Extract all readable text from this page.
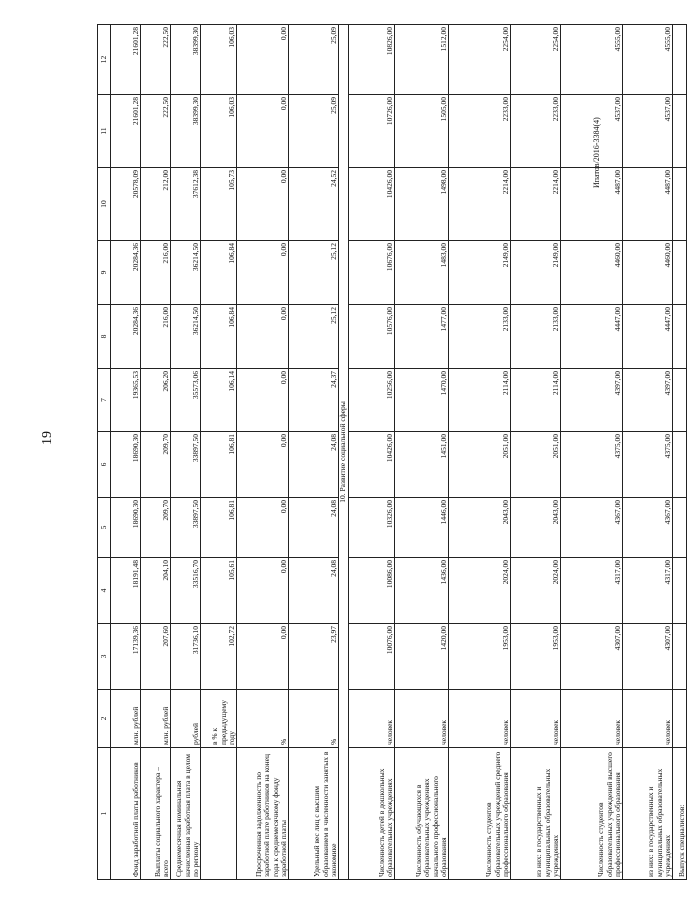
19
Ипатов/2016-3384(4)
1	2	3	4	5	6	7	8	9	10	11	12
Фонд заработной платы работников	млн. рублей	17139,36	18191,48	18690,30	18690,30	19365,53	20284,36	20284,36	20578,09	21601,28	21601,28
Выплаты социального характера – всего	млн. рублей	207,60	204,10	209,70	209,70	206,20	216,00	216,00	212,00	222,50	222,50
Среднемесячная номинальная начисленная заработная плата в целом по региону	рублей	31736,10	33516,70	33897,50	33897,50	35573,06	36214,50	36214,50	37612,38	38399,30	38399,30
	в % к предыдущему году	102,72	105,61	106,81	106,81	106,14	106,84	106,84	105,73	106,03	106,03
Просроченная задолженность по заработной плате работников на конец года к среднемесячному фонду заработной платы	%	0,00	0,00	0,00	0,00	0,00	0,00	0,00	0,00	0,00	0,00
Удельный вес лиц с высшим образованием в численности занятых в экономике	%	23,97	24,08	24,08	24,08	24,37	25,12	25,12	24,52	25,09	25,09
10. Развитие социальной сферы											
Численность детей в дошкольных образовательных учреждениях	человек	10076,00	10086,00	10326,00	10426,00	10256,00	10576,00	10676,00	10426,00	10726,00	10826,00
Численность обучающихся в образовательных учреждениях начального профессионального образования	человек	1420,00	1436,00	1446,00	1451,00	1470,00	1477,00	1483,00	1498,00	1505,00	1512,00
Численность студентов образовательных учреждений среднего профессионального образования	человек	1953,00	2024,00	2043,00	2051,00	2114,00	2133,00	2149,00	2214,00	2233,00	2254,00
из них: в государственных и муниципальных образовательных учреждениях	человек	1953,00	2024,00	2043,00	2051,00	2114,00	2133,00	2149,00	2214,00	2233,00	2254,00
Численность студентов образовательных учреждений высшего профессионального образования	человек	4307,00	4317,00	4367,00	4375,00	4397,00	4447,00	4460,00	4487,00	4537,00	4555,00
из них: в государственных и муниципальных образовательных учреждениях	человек	4307,00	4317,00	4367,00	4375,00	4397,00	4447,00	4460,00	4487,00	4537,00	4555,00
Выпуск специалистов:											
